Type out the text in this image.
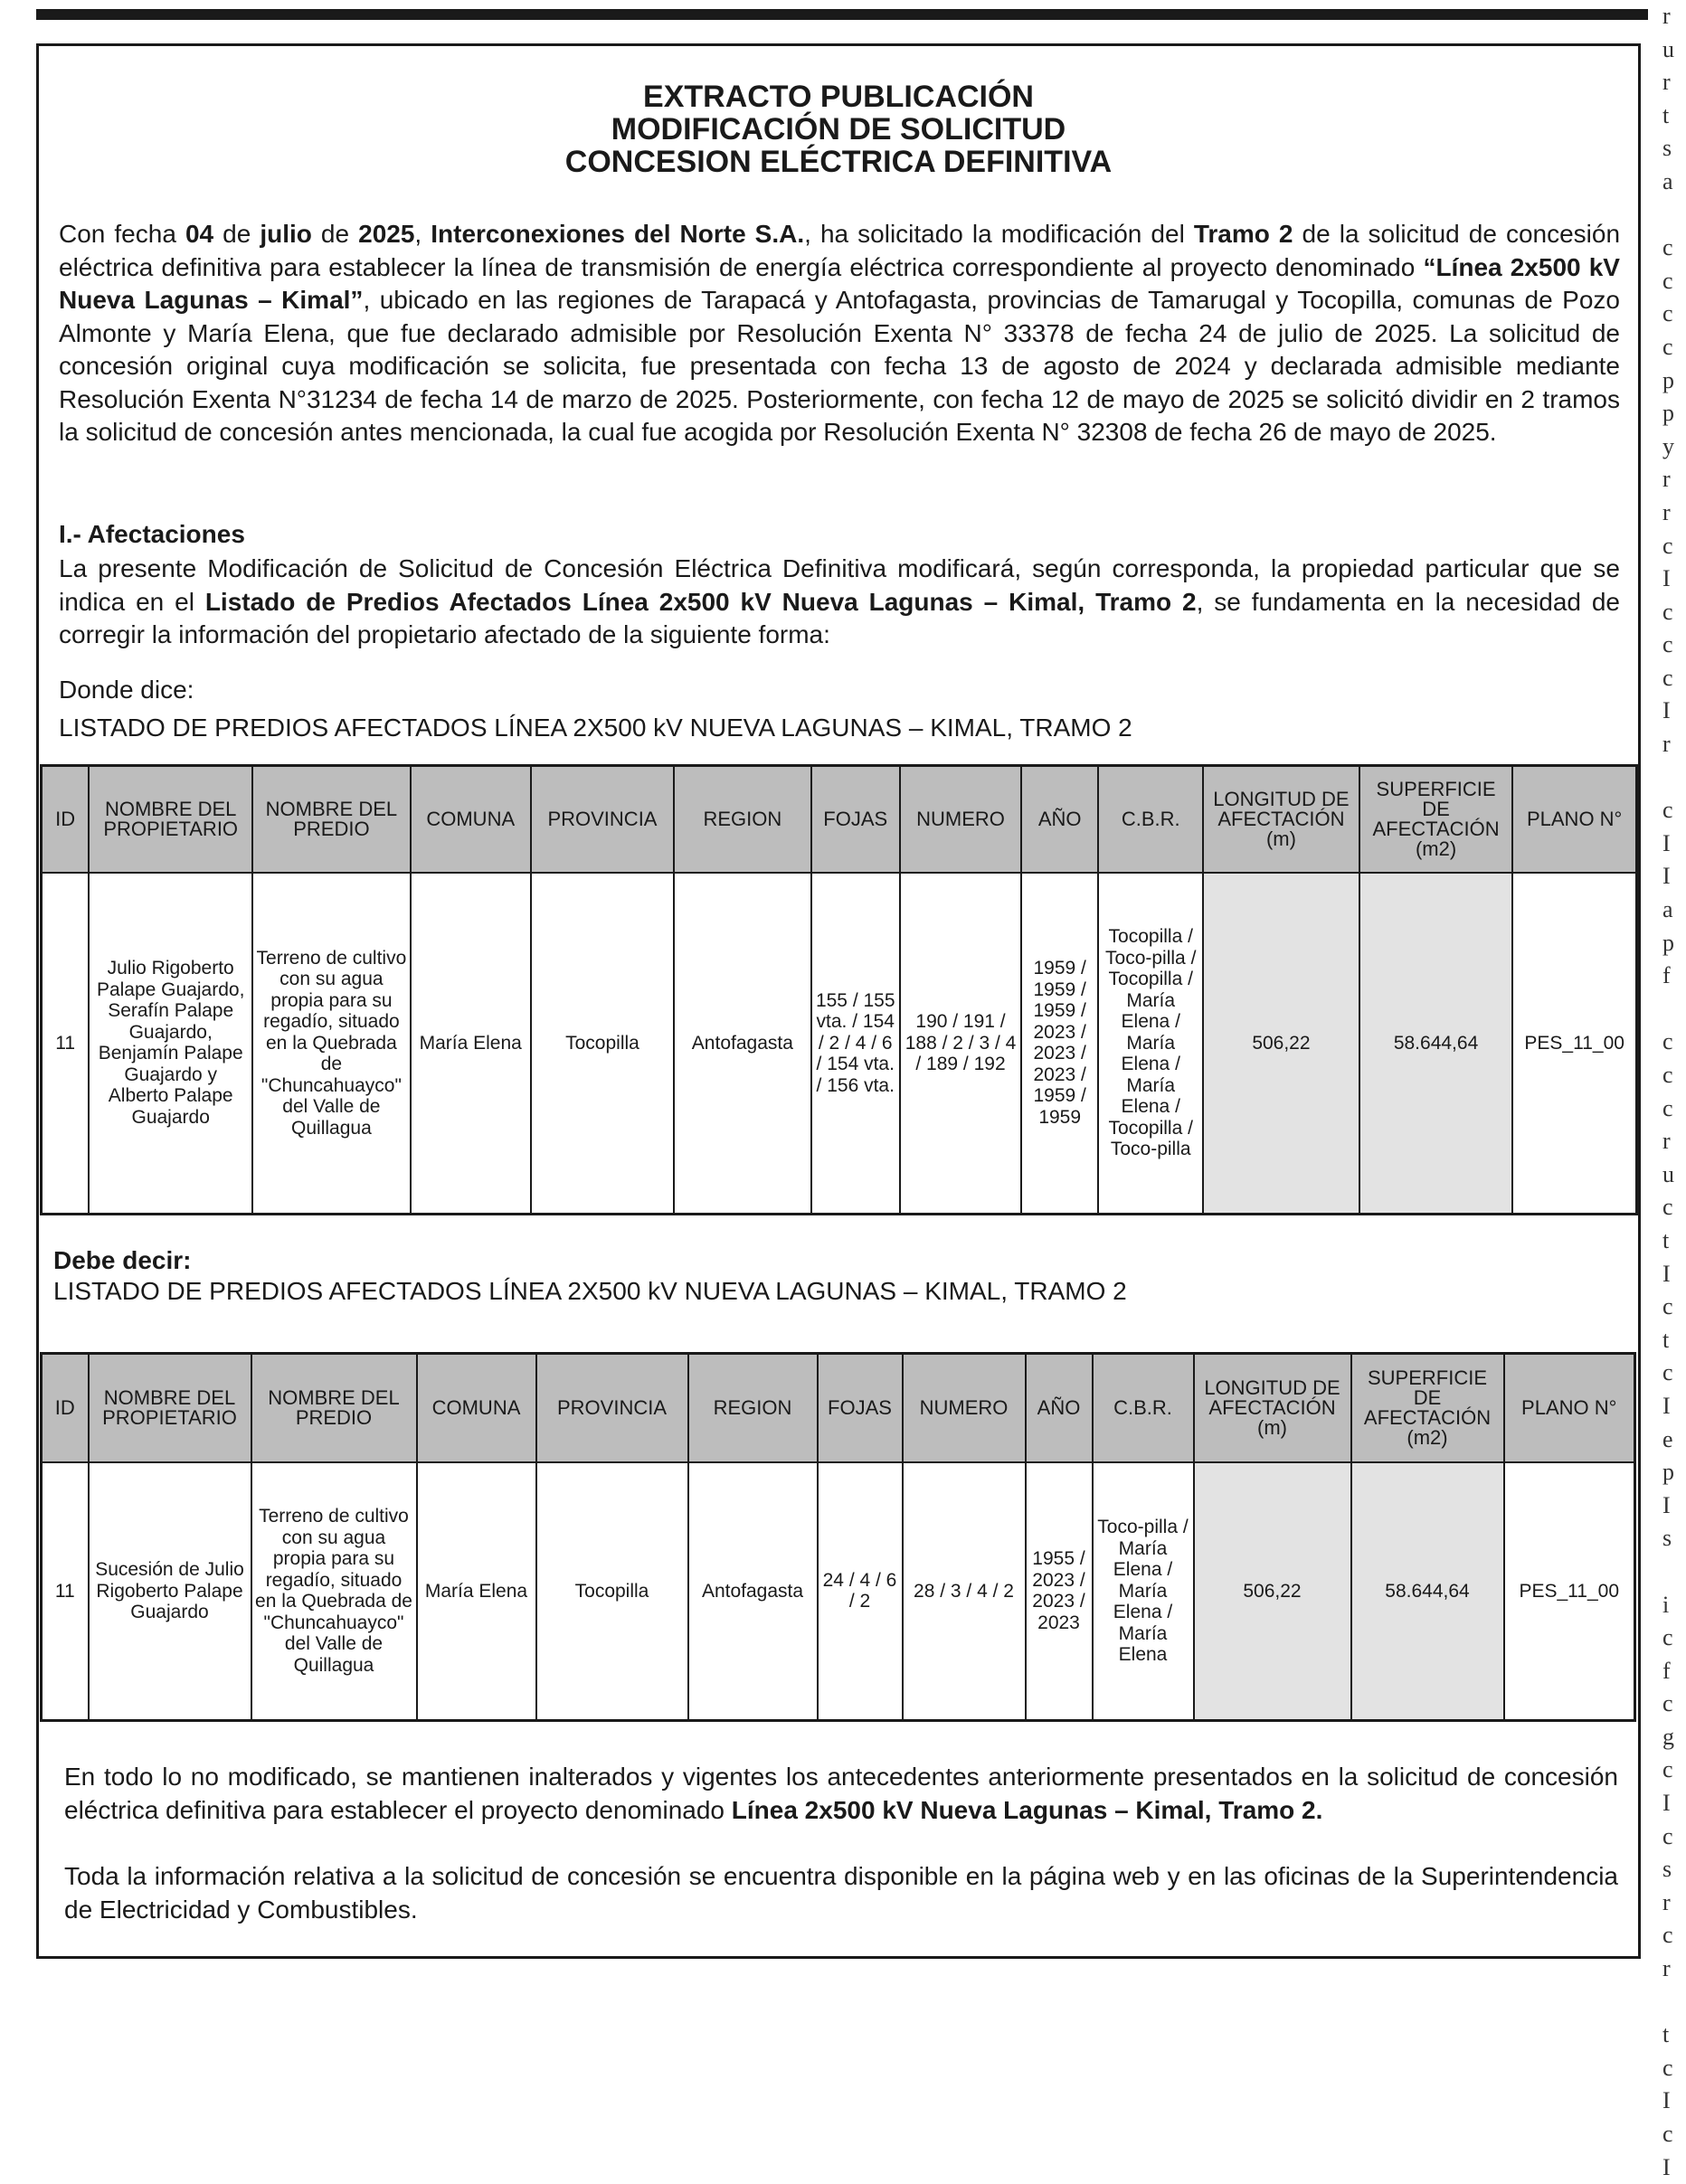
r
u
r
t
s
a

c
c
c
c
p
p
y
r
r
c
I
c
c
c
I
r

c
I
I
a
p
f

c
c
c
r
u
c
t
I
c
t
c
I
e
p
I
s

i
c
f
c
g
c
I
c
s
r
c
r

t
c
I
c
I
EXTRACTO PUBLICACIÓN
MODIFICACIÓN DE SOLICITUD
CONCESION ELÉCTRICA DEFINITIVA

Con fecha 04 de julio de 2025, Interconexiones del Norte S.A., ha solicitado la modificación del Tramo 2 de la solicitud de concesión eléctrica definitiva para establecer la línea de transmisión de energía eléctrica correspondiente al proyecto denominado “Línea 2x500 kV Nueva Lagunas – Kimal”, ubicado en las regiones de Tarapacá y Antofagasta, provincias de Tamarugal y Tocopilla, comunas de Pozo Almonte y María Elena, que fue declarado admisible por Resolución Exenta N° 33378 de fecha 24 de julio de 2025. La solicitud de concesión original cuya modificación se solicita, fue presentada con fecha 13 de agosto de 2024 y declarada admisible mediante Resolución Exenta N°31234 de fecha 14 de marzo de 2025. Posteriormente, con fecha 12 de mayo de 2025 se solicitó dividir en 2 tramos la solicitud de concesión antes mencionada, la cual fue acogida por Resolución Exenta N° 32308 de fecha 26 de mayo de 2025.

I.- Afectaciones

La presente Modificación de Solicitud de Concesión Eléctrica Definitiva modificará, según corresponda, la propiedad particular que se indica en el Listado de Predios Afectados Línea 2x500 kV Nueva Lagunas – Kimal, Tramo 2, se fundamenta en la necesidad de corregir la información del propietario afectado de la siguiente forma:

Donde dice:
LISTADO DE PREDIOS AFECTADOS LÍNEA 2X500 kV NUEVA LAGUNAS – KIMAL, TRAMO 2
ID	NOMBRE DEL PROPIETARIO	NOMBRE DEL PREDIO	COMUNA	PROVINCIA	REGION	FOJAS	NUMERO	AÑO	C.B.R.	LONGITUD DE AFECTACIÓN (m)	SUPERFICIE DE AFECTACIÓN (m2)	PLANO N°
11	Julio Rigoberto Palape Guajardo, Serafín Palape Guajardo, Benjamín Palape Guajardo y Alberto Palape Guajardo	Terreno de cultivo con su agua propia para su regadío, situado en la Quebrada de "Chuncahuayco" del Valle de Quillagua	María Elena	Tocopilla	Antofagasta	155 / 155 vta. / 154 / 2 / 4 / 6 / 154 vta. / 156 vta.	190 / 191 / 188 / 2 / 3 / 4 / 189 / 192	1959 / 1959 / 1959 / 2023 / 2023 / 2023 / 1959 / 1959	Tocopilla / Toco-pilla / Tocopilla / María Elena / María Elena / María Elena / Tocopilla / Toco-pilla	506,22	58.644,64	PES_11_00
Debe decir:
LISTADO DE PREDIOS AFECTADOS LÍNEA 2X500 kV NUEVA LAGUNAS – KIMAL, TRAMO 2
ID	NOMBRE DEL PROPIETARIO	NOMBRE DEL PREDIO	COMUNA	PROVINCIA	REGION	FOJAS	NUMERO	AÑO	C.B.R.	LONGITUD DE AFECTACIÓN (m)	SUPERFICIE DE AFECTACIÓN (m2)	PLANO N°
11	Sucesión de Julio Rigoberto Palape Guajardo	Terreno de cultivo con su agua propia para su regadío, situado en la Quebrada de "Chuncahuayco" del Valle de Quillagua	María Elena	Tocopilla	Antofagasta	24 / 4 / 6 / 2	28 / 3 / 4 / 2	1955 / 2023 / 2023 / 2023	Toco-pilla / María Elena / María Elena / María Elena	506,22	58.644,64	PES_11_00

En todo lo no modificado, se mantienen inalterados y vigentes los antecedentes anteriormente presentados en la solicitud de concesión eléctrica definitiva para establecer el proyecto denominado Línea 2x500 kV Nueva Lagunas – Kimal, Tramo 2.

Toda la información relativa a la solicitud de concesión se encuentra disponible en la página web y en las oficinas de la Superintendencia de Electricidad y Combustibles.
